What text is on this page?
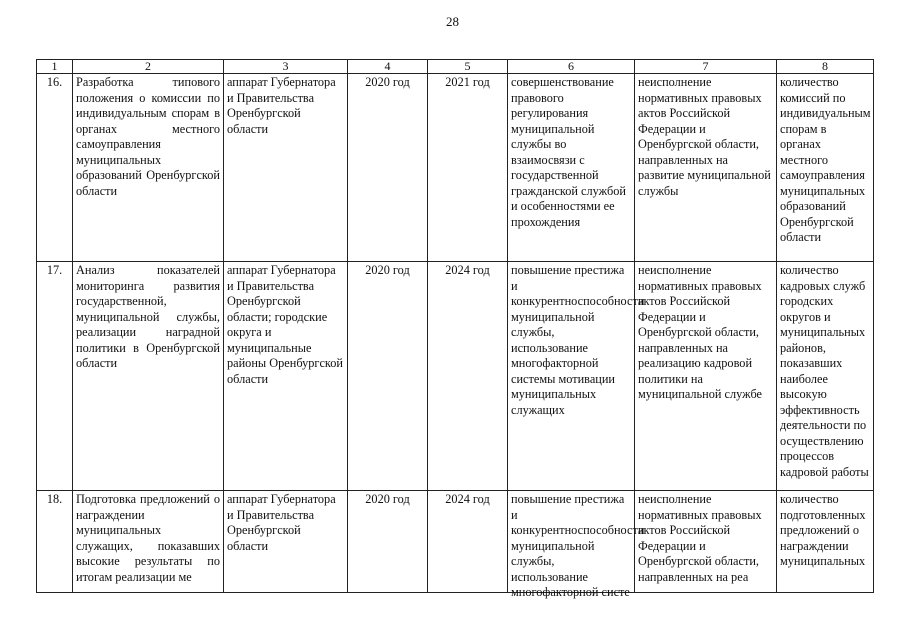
28
1	2	3	4	5	6	7	8
16.	Разработка типового положения о комиссии по индивидуальным спорам в органах местного самоуправления муниципальных образований Оренбургской области	аппарат Губернатора и Правительства Оренбургской области	2020 год	2021 год	совершенствование правового регулирования муниципальной службы во взаимосвязи с государственной гражданской службой и особенностями ее прохождения	неисполнение нормативных правовых актов Российской Федерации и Оренбургской области, направленных на развитие муниципальной службы	количество комиссий по индивидуальным спорам в органах местного самоуправления муниципальных образований Оренбургской области
17.	Анализ показателей мониторинга развития государственной, муниципальной службы, реализации наградной политики в Оренбургской области	аппарат Губернатора и Правительства Оренбургской области; городские округа и муниципальные районы Оренбургской области	2020 год	2024 год	повышение престижа и конкурентноспособности муниципальной службы, использование многофакторной системы мотивации муниципальных служащих	неисполнение нормативных правовых актов Российской Федерации и Оренбургской области, направленных на реализацию кадровой политики на муниципальной службе	количество кадровых служб городских округов и муниципальных районов, показавших наиболее высокую эффективность деятельности по осуществлению процессов кадровой работы

18.	Подготовка предложений о награждении муниципальных служащих, показавших высокие результаты по итогам реализации ме	аппарат Губернатора и Правительства Оренбургской области	2020 год	2024 год	повышение престижа и конкурентноспособности муниципальной службы, использование многофакторной систе	неисполнение нормативных правовых актов Российской Федерации и Оренбургской области, направленных на реа	количество подготовленных предложений о награждении муниципальных
